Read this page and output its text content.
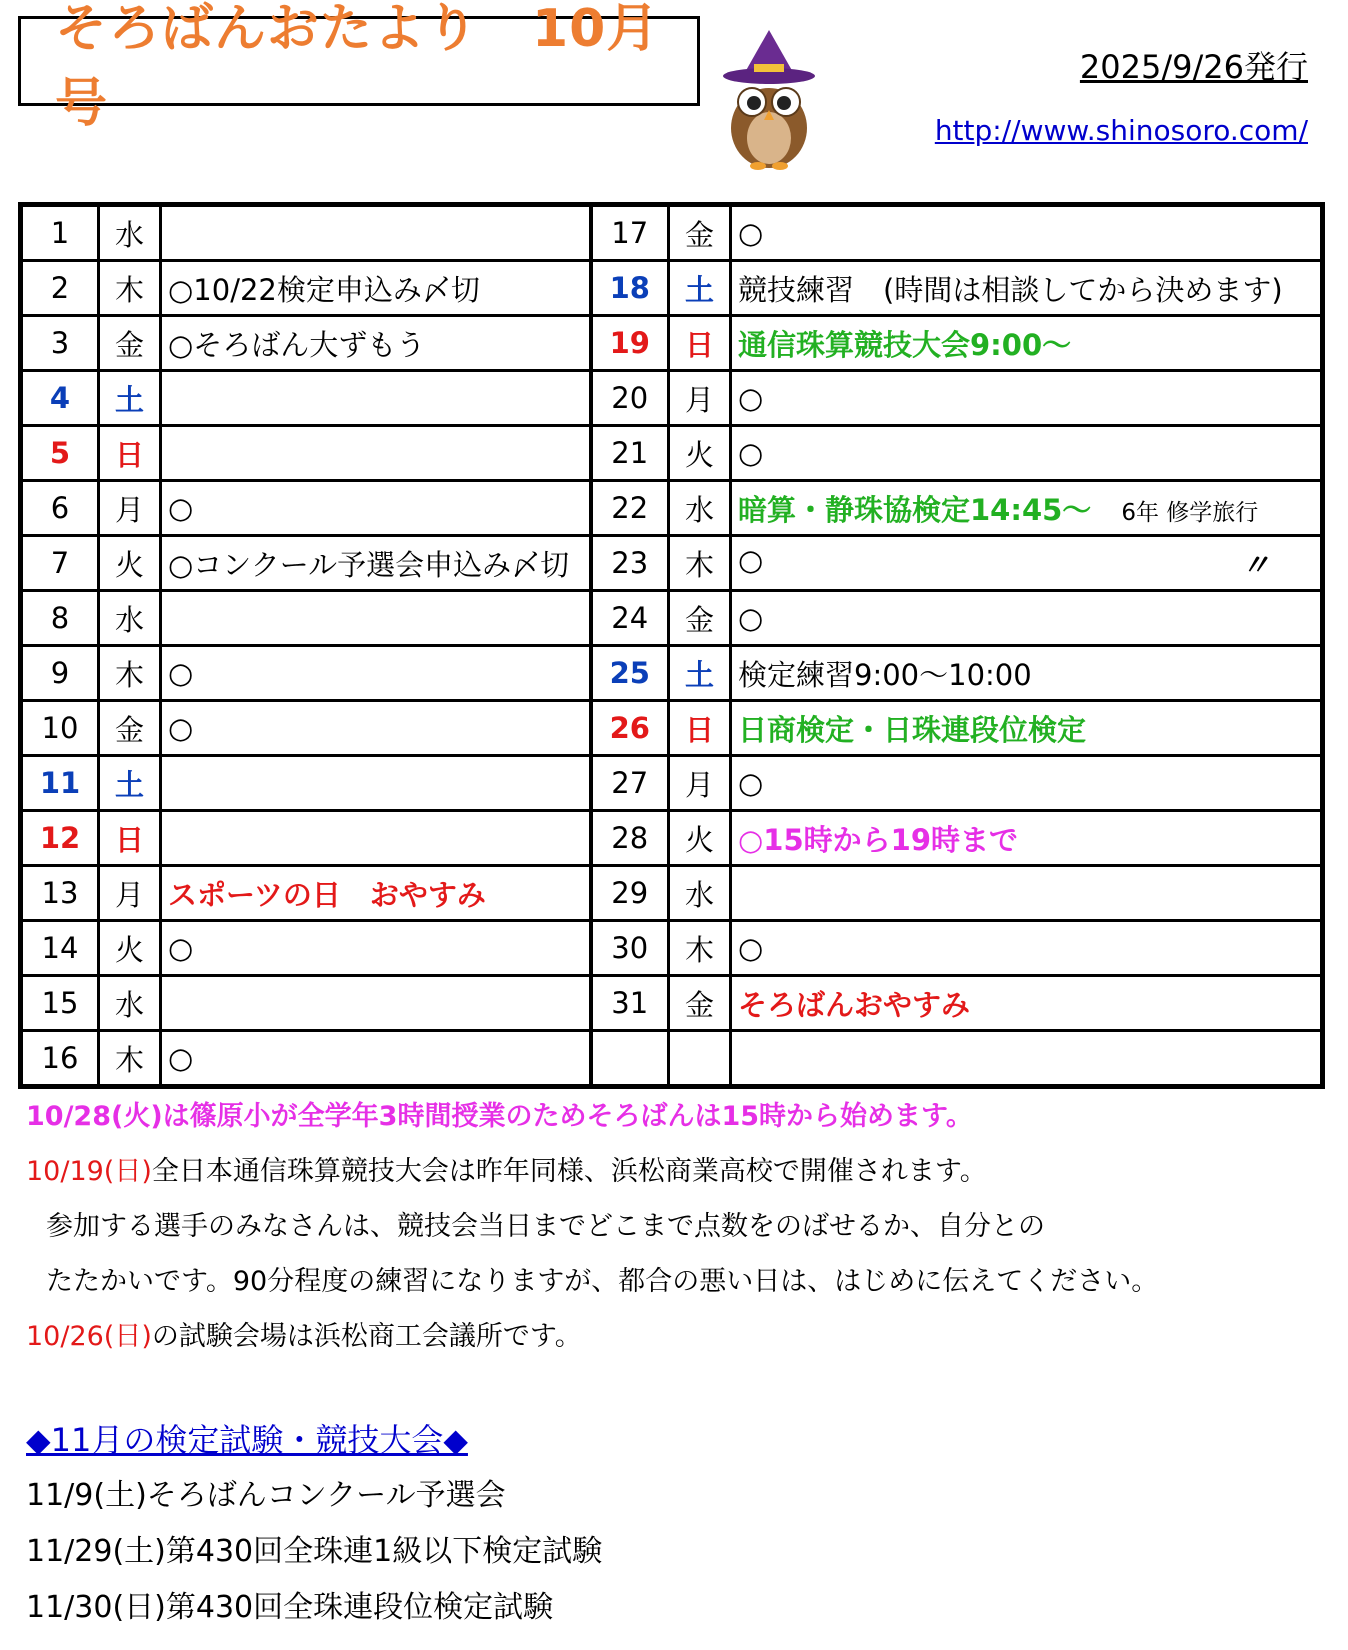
そろばんおたより　10月号
2025/9/26発行
http://www.shinosoro.com/
1	水		17	金	○
2	木	○10/22検定申込み〆切	18	土	競技練習　(時間は相談してから決めます)
3	金	○そろばん大ずもう	19	日	通信珠算競技大会9:00～
4	土		20	月	○
5	日		21	火	○
6	月	○	22	水	暗算・静珠協検定14:45～ 6年 修学旅行
7	火	○コンクール予選会申込み〆切	23	木	○ 〃

8	水		24	金	○
9	木	○	25	土	検定練習9:00～10:00
10	金	○	26	日	日商検定・日珠連段位検定
11	土		27	月	○
12	日		28	火	○15時から19時まで
13	月	スポーツの日　おやすみ	29	水	
14	火	○	30	木	○
15	水		31	金	そろばんおやすみ
16	木	○			
10/28(火)は篠原小が全学年3時間授業のためそろばんは15時から始めます。
10/19(日)全日本通信珠算競技大会は昨年同様、浜松商業高校で開催されます。
参加する選手のみなさんは、競技会当日までどこまで点数をのばせるか、自分との
たたかいです。90分程度の練習になりますが、都合の悪い日は、はじめに伝えてください。
10/26(日)の試験会場は浜松商工会議所です。
◆11月の検定試験・競技大会◆
11/9(土)そろばんコンクール予選会
11/29(土)第430回全珠連1級以下検定試験
11/30(日)第430回全珠連段位検定試験
